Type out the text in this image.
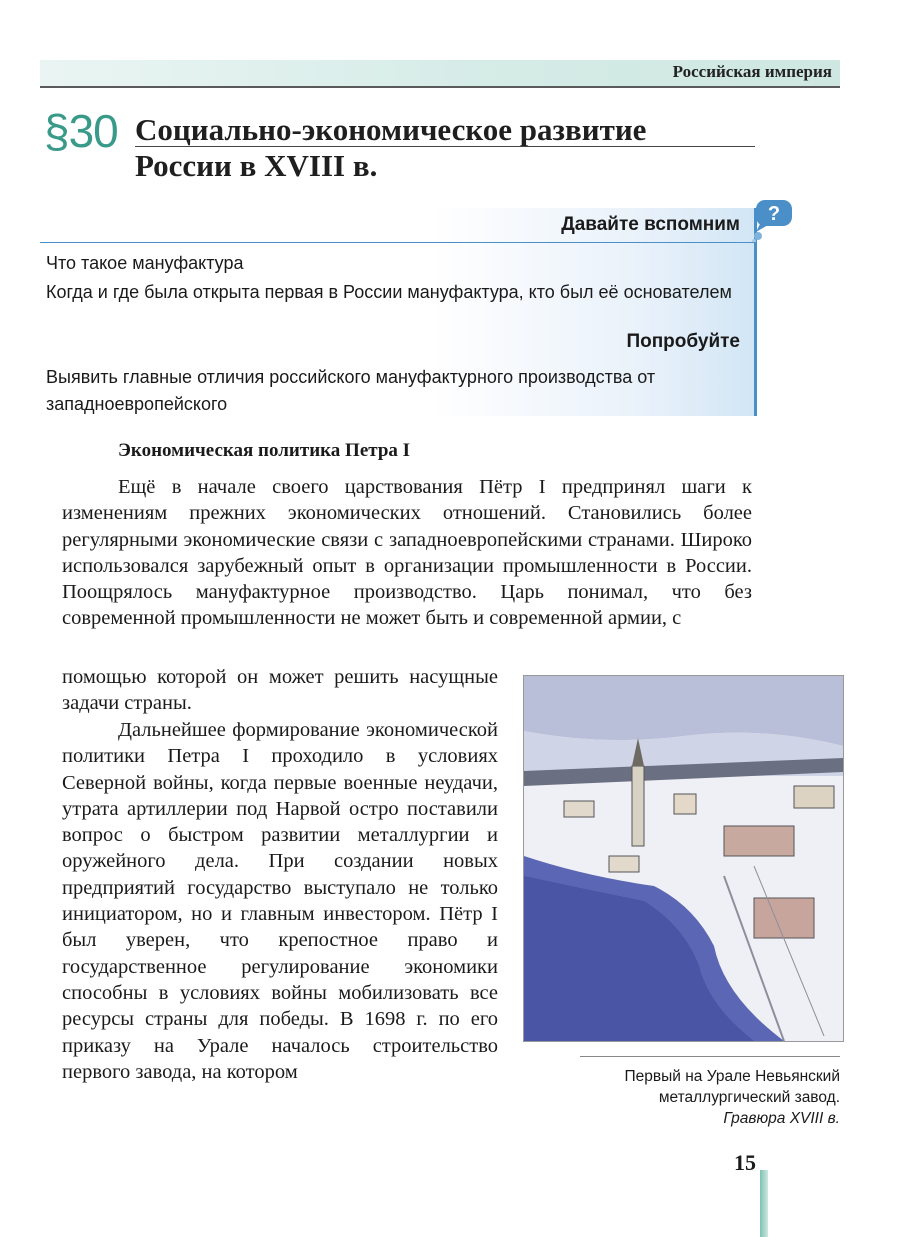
Российская империя
§30 Социально-экономическое развитие
России в XVIII в.
Давайте вспомним ?
Что такое мануфактура
Когда и где была открыта первая в России мануфактура, кто был её основателем
Попробуйте
Выявить главные отличия российского мануфактурного производства от западноевропейского
Экономическая политика Петра I

Ещё в начале своего царствования Пётр I предпринял шаги к изменениям прежних экономических отношений. Становились более регулярными экономические связи с западноевропейскими странами. Широко использовался зарубежный опыт в организации промышленности в России. Поощрялось мануфактурное производство. Царь понимал, что без современной промышленности не может быть и современной армии, с

помощью которой он может решить насущные задачи страны.

Дальнейшее формирование экономической политики Петра I проходило в условиях Северной войны, когда первые военные неудачи, утрата артиллерии под Нарвой остро поставили вопрос о быстром развитии металлургии и оружейного дела. При создании новых предприятий государство выступало не только инициатором, но и главным инвестором. Пётр I был уверен, что крепостное право и государственное регулирование экономики способны в условиях войны мобилизовать все ресурсы страны для победы. В 1698 г. по его приказу на Урале началось строительство первого завода, на котором	Первый на Урале Невьянский
металлургический завод.
Гравюра XVIII в.
15
